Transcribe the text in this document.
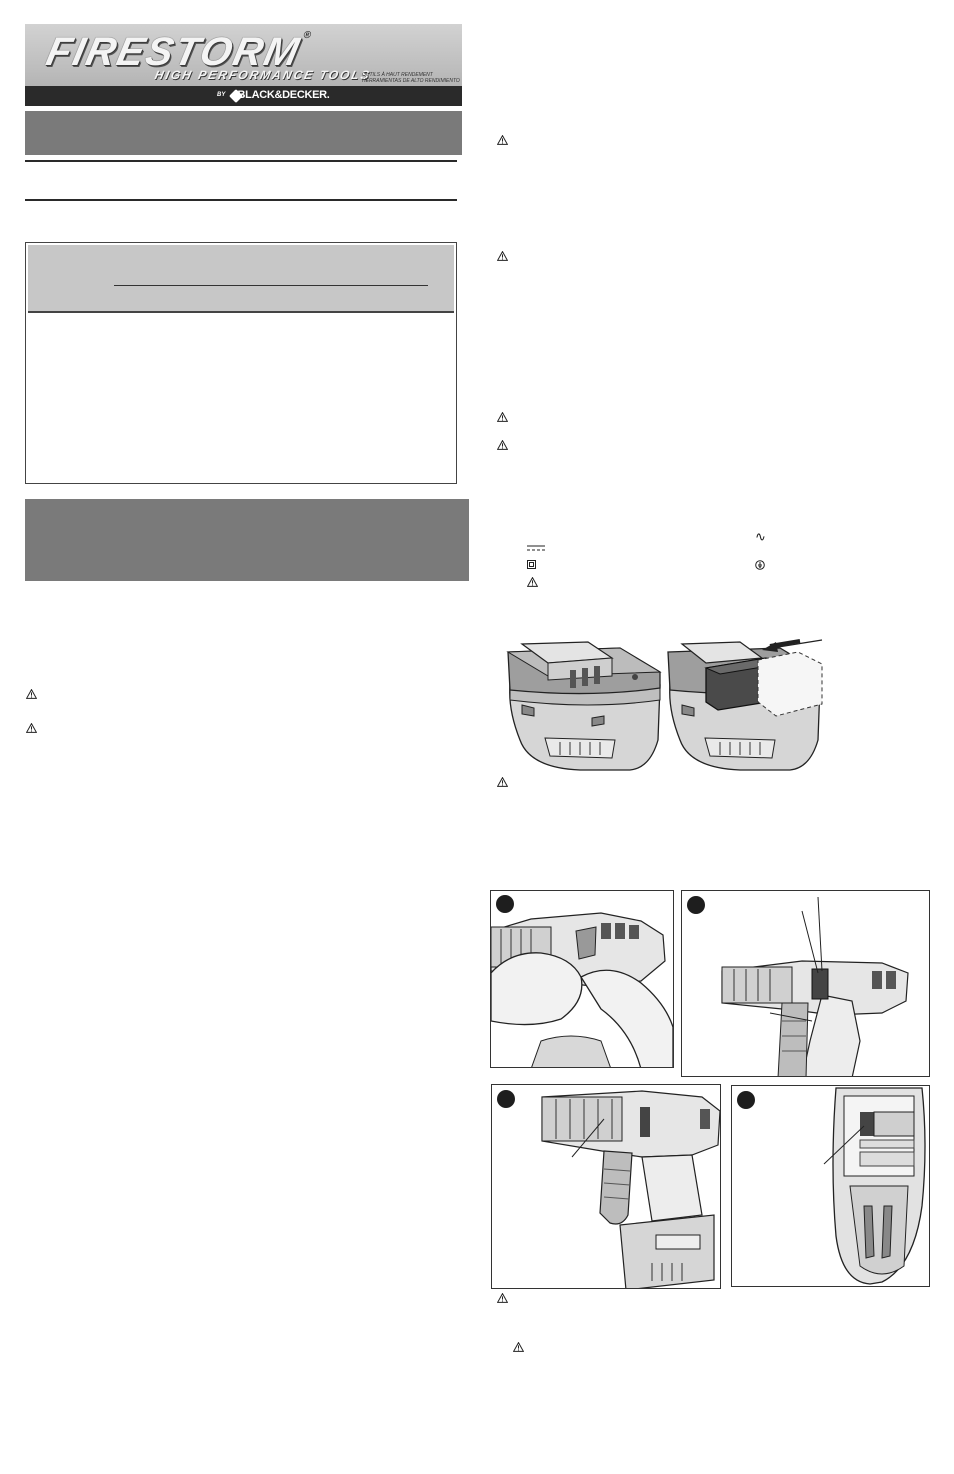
FIRESTORM®
HIGH PERFORMANCE TOOLS
OUTILS À HAUT RENDEMENT
HERRAMIENTAS DE ALTO RENDIMIENTO
BY	BLACK&DECKER.
∿
